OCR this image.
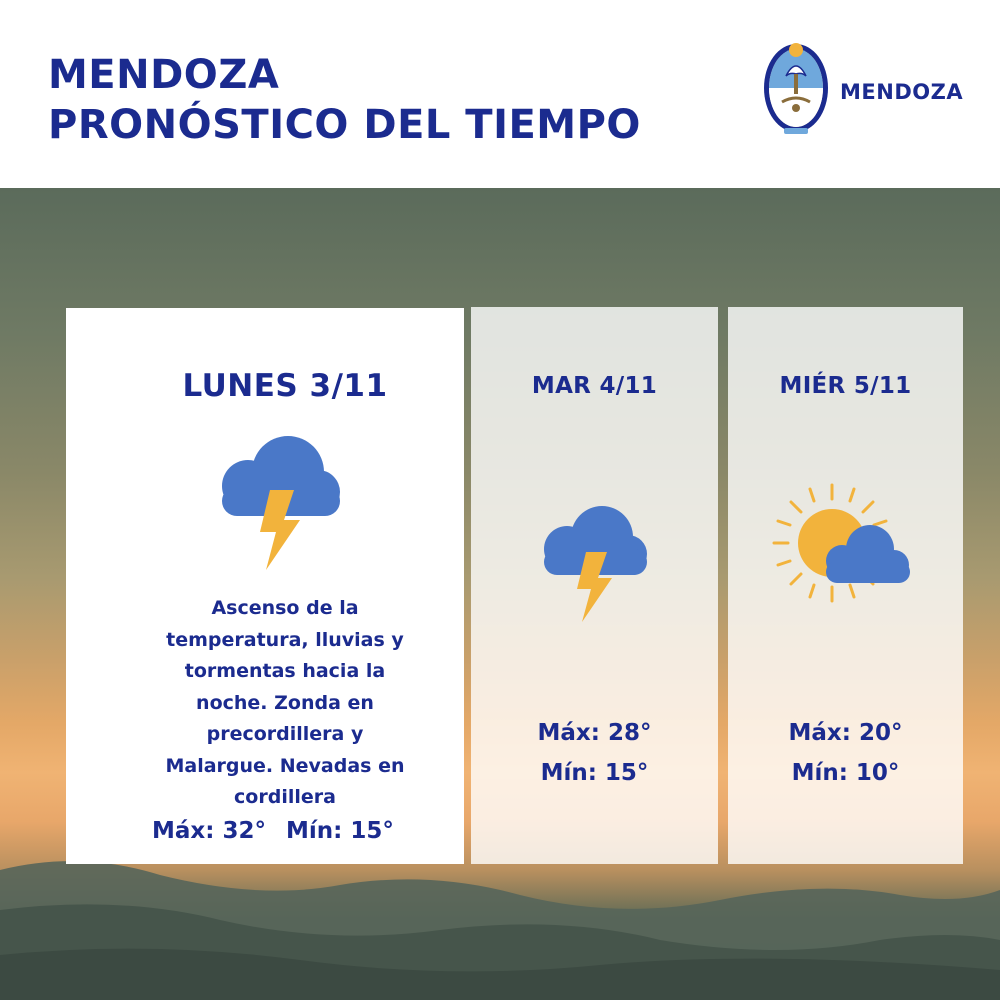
MENDOZA
PRONÓSTICO DEL TIEMPO
MENDOZA
LUNES 3/11
Ascenso de la
temperatura, lluvias y
tormentas hacia la
noche. Zonda en
precordillera y
Malargue. Nevadas en
cordillera
Máx: 32° Mín: 15°
MAR 4/11
Máx: 28°
Mín: 15°
MIÉR 5/11
Máx: 20°
Mín: 10°
